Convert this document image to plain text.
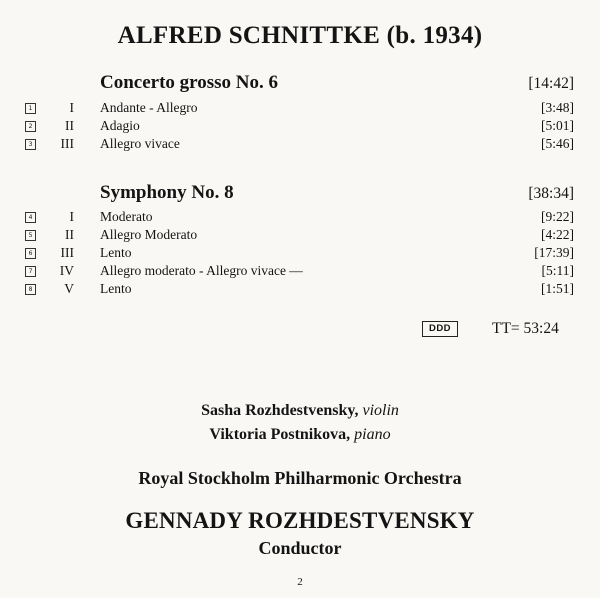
ALFRED SCHNITTKE (b. 1934)
Concerto grosso No. 6	[14:42]
1	I Andante - Allegro	[3:48]
2	II Adagio	[5:01]
3	III Allegro vivace	[5:46]
Symphony No. 8	[38:34]
4	I Moderato	[9:22]
5	II Allegro Moderato	[4:22]
6	III Lento	[17:39]
7	IV Allegro moderato - Allegro vivace —	[5:11]
8	V Lento	[1:51]
DDD	TT= 53:24
Sasha Rozhdestvensky, violin
Viktoria Postnikova, piano
Royal Stockholm Philharmonic Orchestra
GENNADY ROZHDESTVENSKY
Conductor
2
